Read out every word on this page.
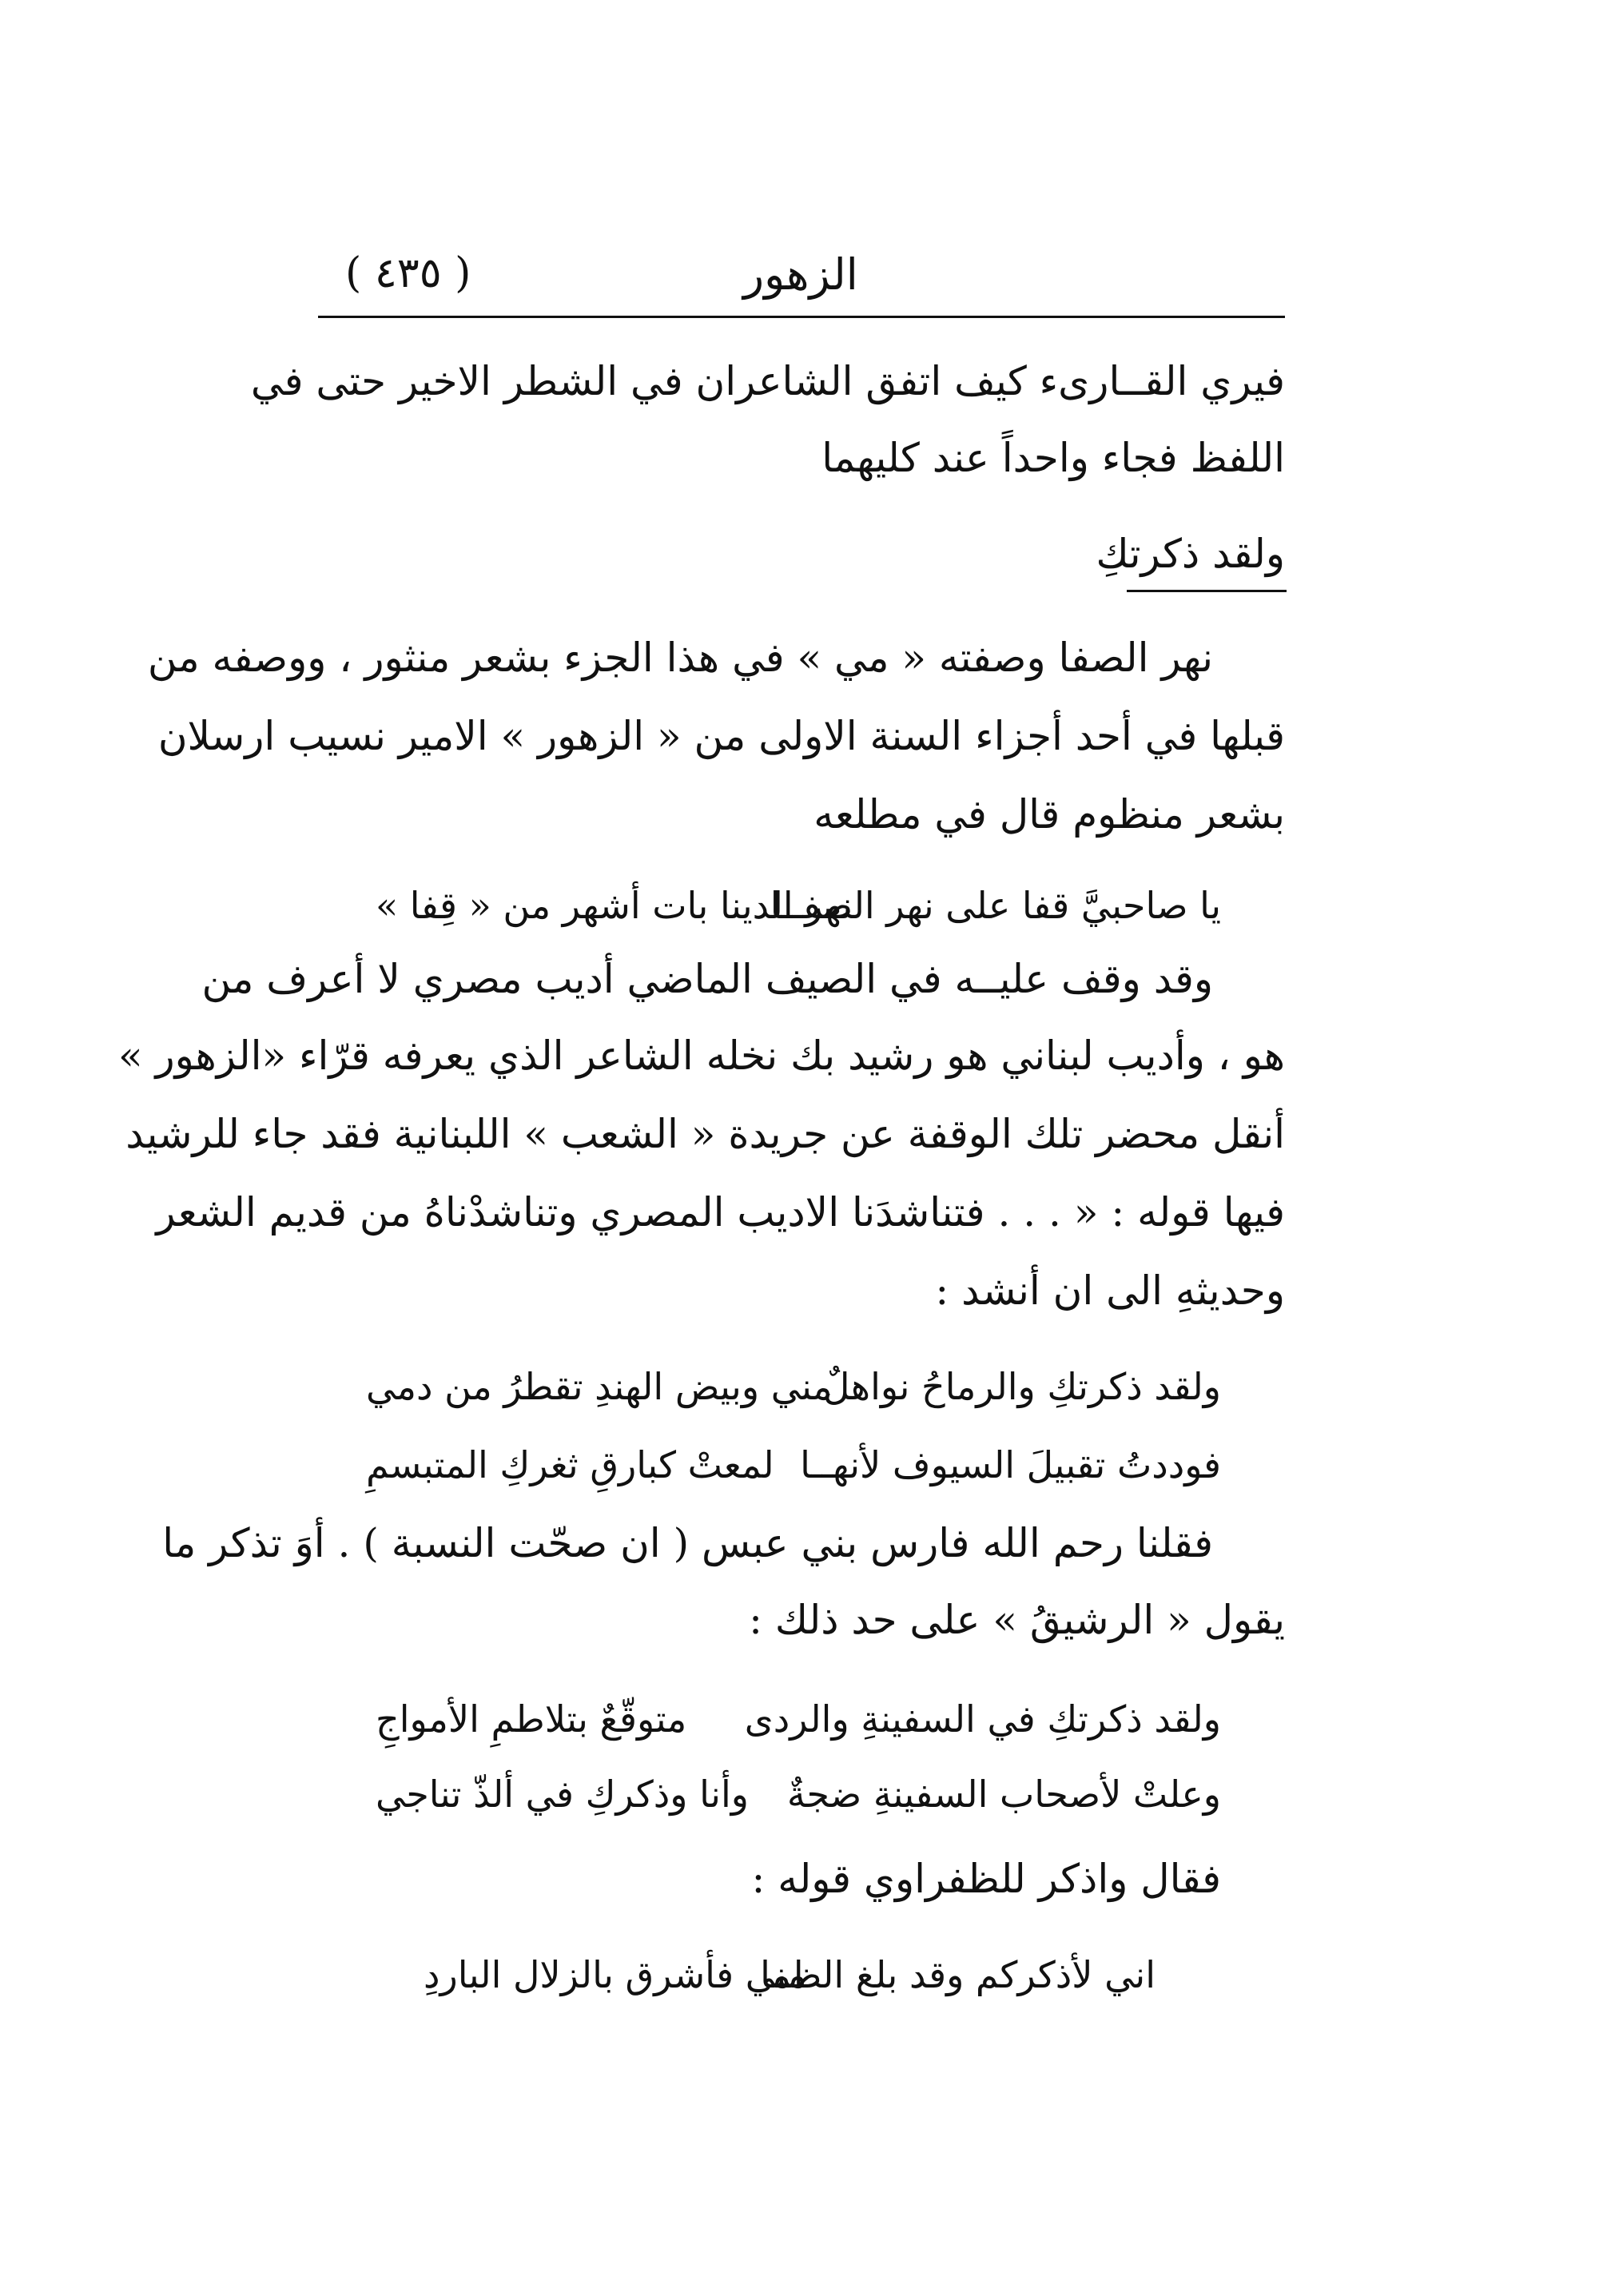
الزهور
( ٤٣٥ )
فيري القــارىء كيف اتفق الشاعران في الشطر الاخير حتى في
اللفظ فجاء واحداً عند كليهما
ولقد ذكرتكِ
نهر الصفا وصفته « مي » في هذا الجزء بشعر منثور ، ووصفه من
قبلها في أحد أجزاء السنة الاولى من « الزهور » الامير نسيب ارسلان
بشعر منظوم قال في مطلعه
يا صاحبيَّ قفا على نهر الصفــا
نهر الدينا بات أشهر من « قِفا »
وقد وقف عليــه في الصيف الماضي أديب مصري لا أعرف من
هو ، وأديب لبناني هو رشيد بك نخله الشاعر الذي يعرفه قرّاء «الزهور »
أنقل محضر تلك الوقفة عن جريدة « الشعب » اللبنانية فقد جاء للرشيد
فيها قوله : « . . . فتناشدَنا الاديب المصري وتناشدْناهُ من قديم الشعر
وحديثهِ الى ان أنشد :
ولقد ذكرتكِ والرماحُ نواهلٌ
مني وبيض الهندِ تقطرُ من دمي
فوددتُ تقبيلَ السيوف لأنهــا
لمعتْ كبارقِ ثغركِ المتبسمِ
فقلنا رحم الله فارس بني عبس ( ان صحّت النسبة ) . أوَ تذكر ما
يقول « الرشيقُ » على حد ذلك :
ولقد ذكرتكِ في السفينةِ والردى
متوقّعٌ بتلاطمِ الأمواجِ
وعلتْ لأصحاب السفينةِ ضجةٌ
وأنا وذكركِ في ألذّ تناجي
فقال واذكر للظفراوي قوله :
اني لأذكركم وقد بلغ الظما
مني فأشرق بالزلال الباردِ
